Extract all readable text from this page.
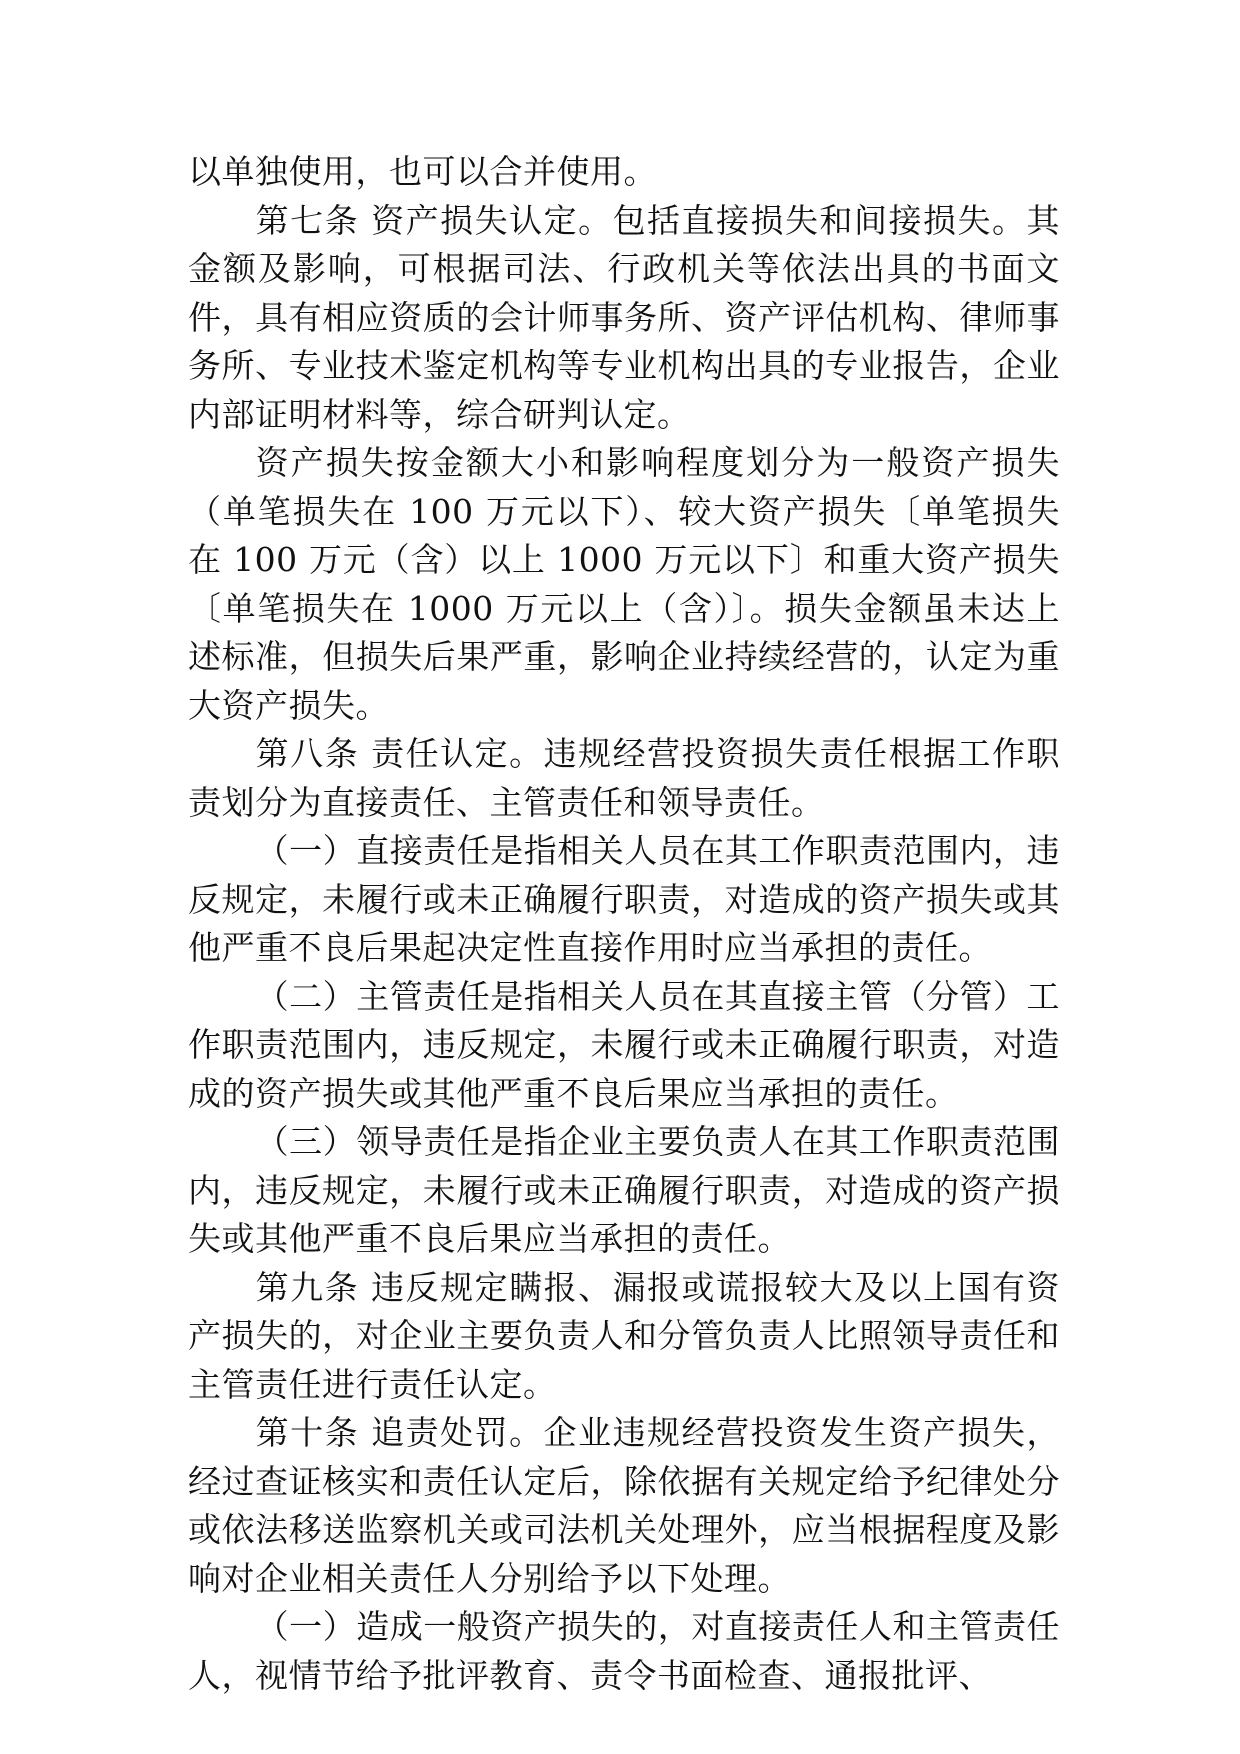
以单独使用，也可以合并使用。

第七条 资产损失认定。包括直接损失和间接损失。其金额及影响，可根据司法、行政机关等依法出具的书面文件，具有相应资质的会计师事务所、资产评估机构、律师事务所、专业技术鉴定机构等专业机构出具的专业报告，企业内部证明材料等，综合研判认定。

资产损失按金额大小和影响程度划分为一般资产损失（单笔损失在 100 万元以下）、较大资产损失〔单笔损失在 100 万元（含）以上 1000 万元以下〕和重大资产损失〔单笔损失在 1000 万元以上（含）〕。损失金额虽未达上述标准，但损失后果严重，影响企业持续经营的，认定为重大资产损失。

第八条 责任认定。违规经营投资损失责任根据工作职责划分为直接责任、主管责任和领导责任。

（一）直接责任是指相关人员在其工作职责范围内，违反规定，未履行或未正确履行职责，对造成的资产损失或其他严重不良后果起决定性直接作用时应当承担的责任。

（二）主管责任是指相关人员在其直接主管（分管）工作职责范围内，违反规定，未履行或未正确履行职责，对造成的资产损失或其他严重不良后果应当承担的责任。

（三）领导责任是指企业主要负责人在其工作职责范围内，违反规定，未履行或未正确履行职责，对造成的资产损失或其他严重不良后果应当承担的责任。

第九条 违反规定瞒报、漏报或谎报较大及以上国有资产损失的，对企业主要负责人和分管负责人比照领导责任和主管责任进行责任认定。

第十条 追责处罚。企业违规经营投资发生资产损失，经过查证核实和责任认定后，除依据有关规定给予纪律处分或依法移送监察机关或司法机关处理外，应当根据程度及影响对企业相关责任人分别给予以下处理。

（一）造成一般资产损失的，对直接责任人和主管责任人，视情节给予批评教育、责令书面检查、通报批评、
